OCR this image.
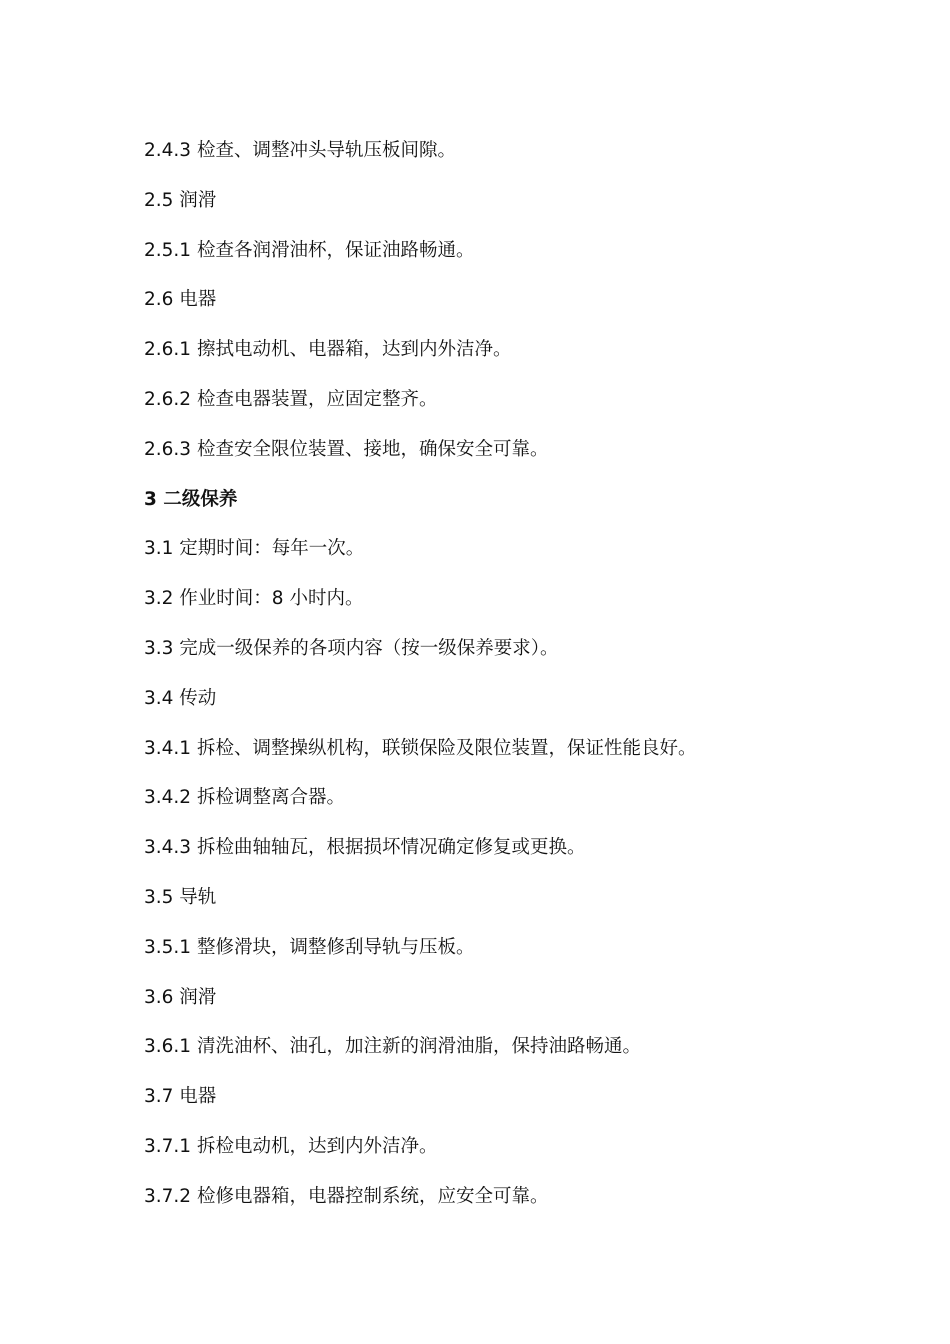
2.4.3 检查、调整冲头导轨压板间隙。
2.5 润滑
2.5.1 检查各润滑油杯，保证油路畅通。
2.6 电器
2.6.1 擦拭电动机、电器箱，达到内外洁净。
2.6.2 检查电器装置，应固定整齐。
2.6.3 检查安全限位装置、接地，确保安全可靠。
3 二级保养
3.1 定期时间：每年一次。
3.2 作业时间：8 小时内。
3.3 完成一级保养的各项内容（按一级保养要求）。
3.4 传动
3.4.1 拆检、调整操纵机构，联锁保险及限位装置，保证性能良好。
3.4.2 拆检调整离合器。
3.4.3 拆检曲轴轴瓦，根据损坏情况确定修复或更换。
3.5 导轨
3.5.1 整修滑块，调整修刮导轨与压板。
3.6 润滑
3.6.1 清洗油杯、油孔，加注新的润滑油脂，保持油路畅通。
3.7 电器
3.7.1 拆检电动机，达到内外洁净。
3.7.2 检修电器箱，电器控制系统，应安全可靠。
